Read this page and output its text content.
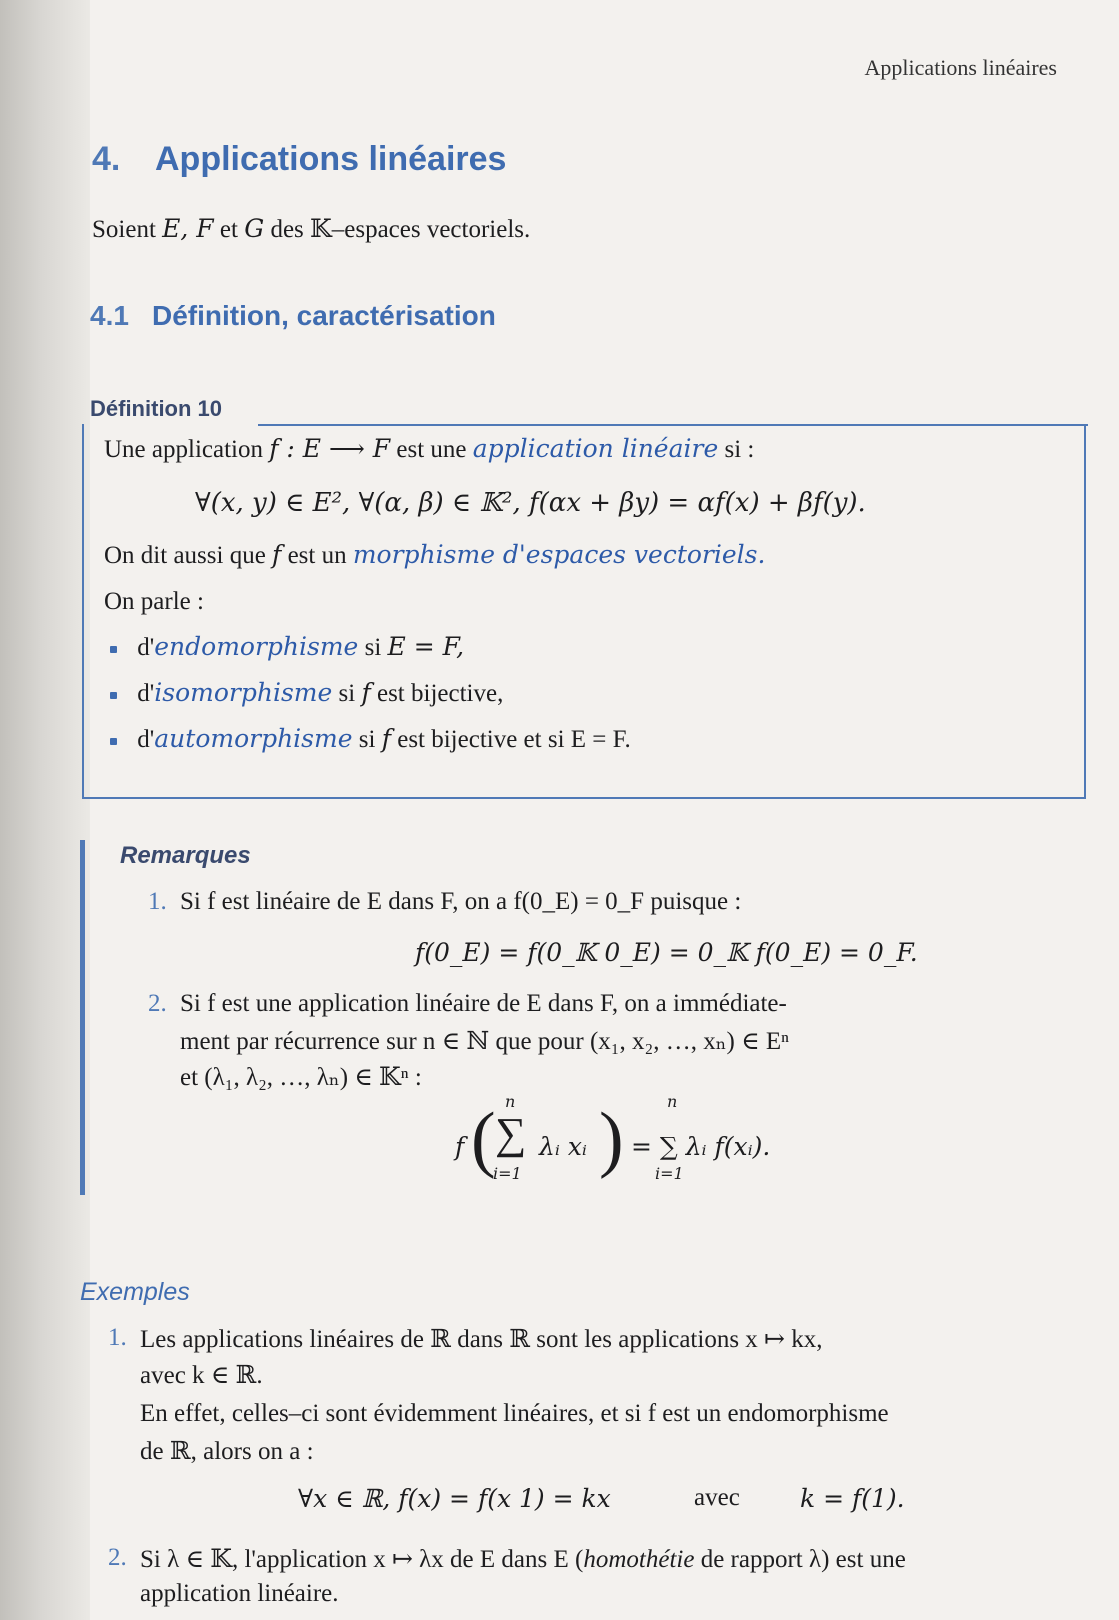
Applications linéaires
4. Applications linéaires
Soient E, F et G des 𝕂–espaces vectoriels.
4.1 Définition, caractérisation
Définition 10
Une application f : E ⟶ F est une application linéaire si :
∀(x, y) ∈ E², ∀(α, β) ∈ 𝕂², f(αx + βy) = αf(x) + βf(y).
On dit aussi que f est un morphisme d'espaces vectoriels.
On parle :
d'endomorphisme si E = F,
d'isomorphisme si f est bijective,
d'automorphisme si f est bijective et si E = F.
Remarques
1. Si f est linéaire de E dans F, on a f(0_E) = 0_F puisque :
f(0_E) = f(0_𝕂 0_E) = 0_𝕂 f(0_E) = 0_F.
2. Si f est une application linéaire de E dans F, on a immédiate-
ment par récurrence sur n ∈ ℕ que pour (x₁, x₂, …, xₙ) ∈ Eⁿ
et (λ₁, λ₂, …, λₙ) ∈ 𝕂ⁿ :
f ( n
∑
i=1
λᵢ xᵢ )	n
i=1
= ∑ λᵢ f(xᵢ).
Exemples
1. Les applications linéaires de ℝ dans ℝ sont les applications x ↦ kx,
avec k ∈ ℝ.
En effet, celles–ci sont évidemment linéaires, et si f est un endomorphisme
de ℝ, alors on a :
∀x ∈ ℝ, f(x) = f(x 1) = kx	avec k = f(1).
2. Si λ ∈ 𝕂, l'application x ↦ λx de E dans E (homothétie de rapport λ) est une
application linéaire.
